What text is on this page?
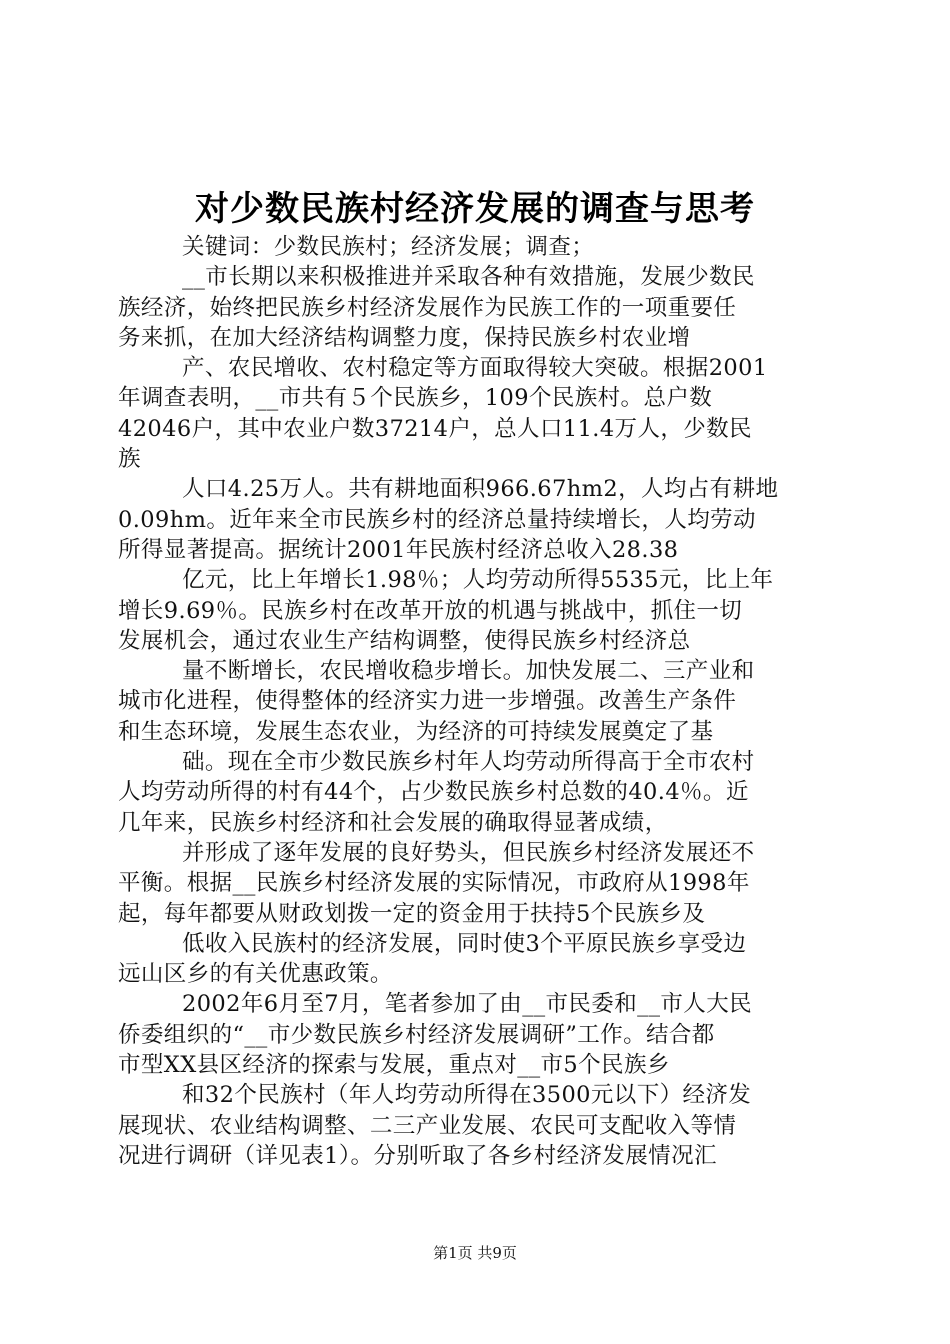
对少数民族村经济发展的调查与思考
关键词：少数民族村；经济发展；调查；
__市长期以来积极推进并采取各种有效措施，发展少数民
族经济，始终把民族乡村经济发展作为民族工作的一项重要任
务来抓，在加大经济结构调整力度，保持民族乡村农业增
产、农民增收、农村稳定等方面取得较大突破。根据2001
年调查表明，__市共有５个民族乡，109个民族村。总户数
42046户，其中农业户数37214户，总人口11.4万人，少数民
族
人口4.25万人。共有耕地面积966.67hm2，人均占有耕地
0.09hm。近年来全市民族乡村的经济总量持续增长，人均劳动
所得显著提高。据统计2001年民族村经济总收入28.38
亿元，比上年增长1.98％；人均劳动所得5535元，比上年
增长9.69％。民族乡村在改革开放的机遇与挑战中，抓住一切
发展机会，通过农业生产结构调整，使得民族乡村经济总
量不断增长，农民增收稳步增长。加快发展二、三产业和
城市化进程，使得整体的经济实力进一步增强。改善生产条件
和生态环境，发展生态农业，为经济的可持续发展奠定了基
础。现在全市少数民族乡村年人均劳动所得高于全市农村
人均劳动所得的村有44个，占少数民族乡村总数的40.4％。近
几年来，民族乡村经济和社会发展的确取得显著成绩，
并形成了逐年发展的良好势头，但民族乡村经济发展还不
平衡。根据__民族乡村经济发展的实际情况，市政府从1998年
起，每年都要从财政划拨一定的资金用于扶持5个民族乡及
低收入民族村的经济发展，同时使3个平原民族乡享受边
远山区乡的有关优惠政策。
2002年6月至7月，笔者参加了由__市民委和__市人大民
侨委组织的“__市少数民族乡村经济发展调研”工作。结合都
市型XX县区经济的探索与发展，重点对__市5个民族乡
和32个民族村（年人均劳动所得在3500元以下）经济发
展现状、农业结构调整、二三产业发展、农民可支配收入等情
况进行调研（详见表1）。分别听取了各乡村经济发展情况汇
第1页 共9页
